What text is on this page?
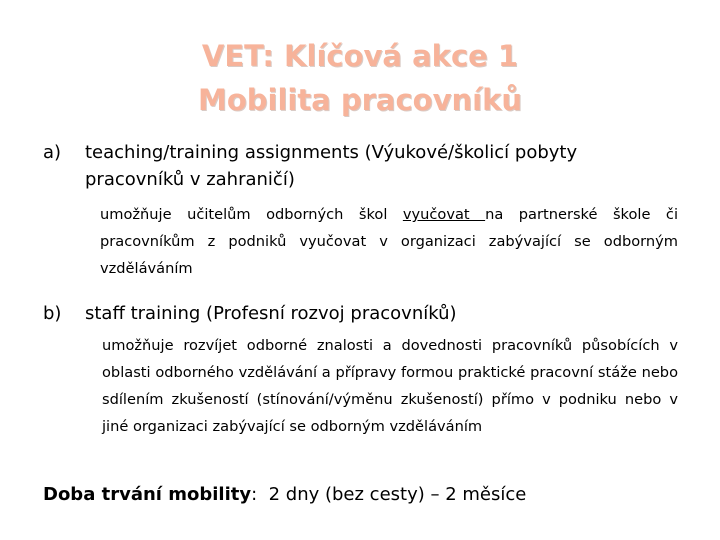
VET: Klíčová akce 1
Mobilita pracovníků
a) teaching/training assignments (Výukové/školicí pobyty
pracovníků v zahraničí)
umožňuje učitelům odborných škol vyučovat na partnerské škole či pracovníkům z podniků vyučovat v organizaci zabývající se odborným vzděláváním
b) staff training (Profesní rozvoj pracovníků)
umožňuje rozvíjet odborné znalosti a dovednosti pracovníků působících v oblasti odborného vzdělávání a přípravy formou praktické pracovní stáže nebo sdílením zkušeností (stínování/výměnu zkušeností) přímo v podniku nebo v jiné organizaci zabývající se odborným vzděláváním
Doba trvání mobility:  2 dny (bez cesty) – 2 měsíce
